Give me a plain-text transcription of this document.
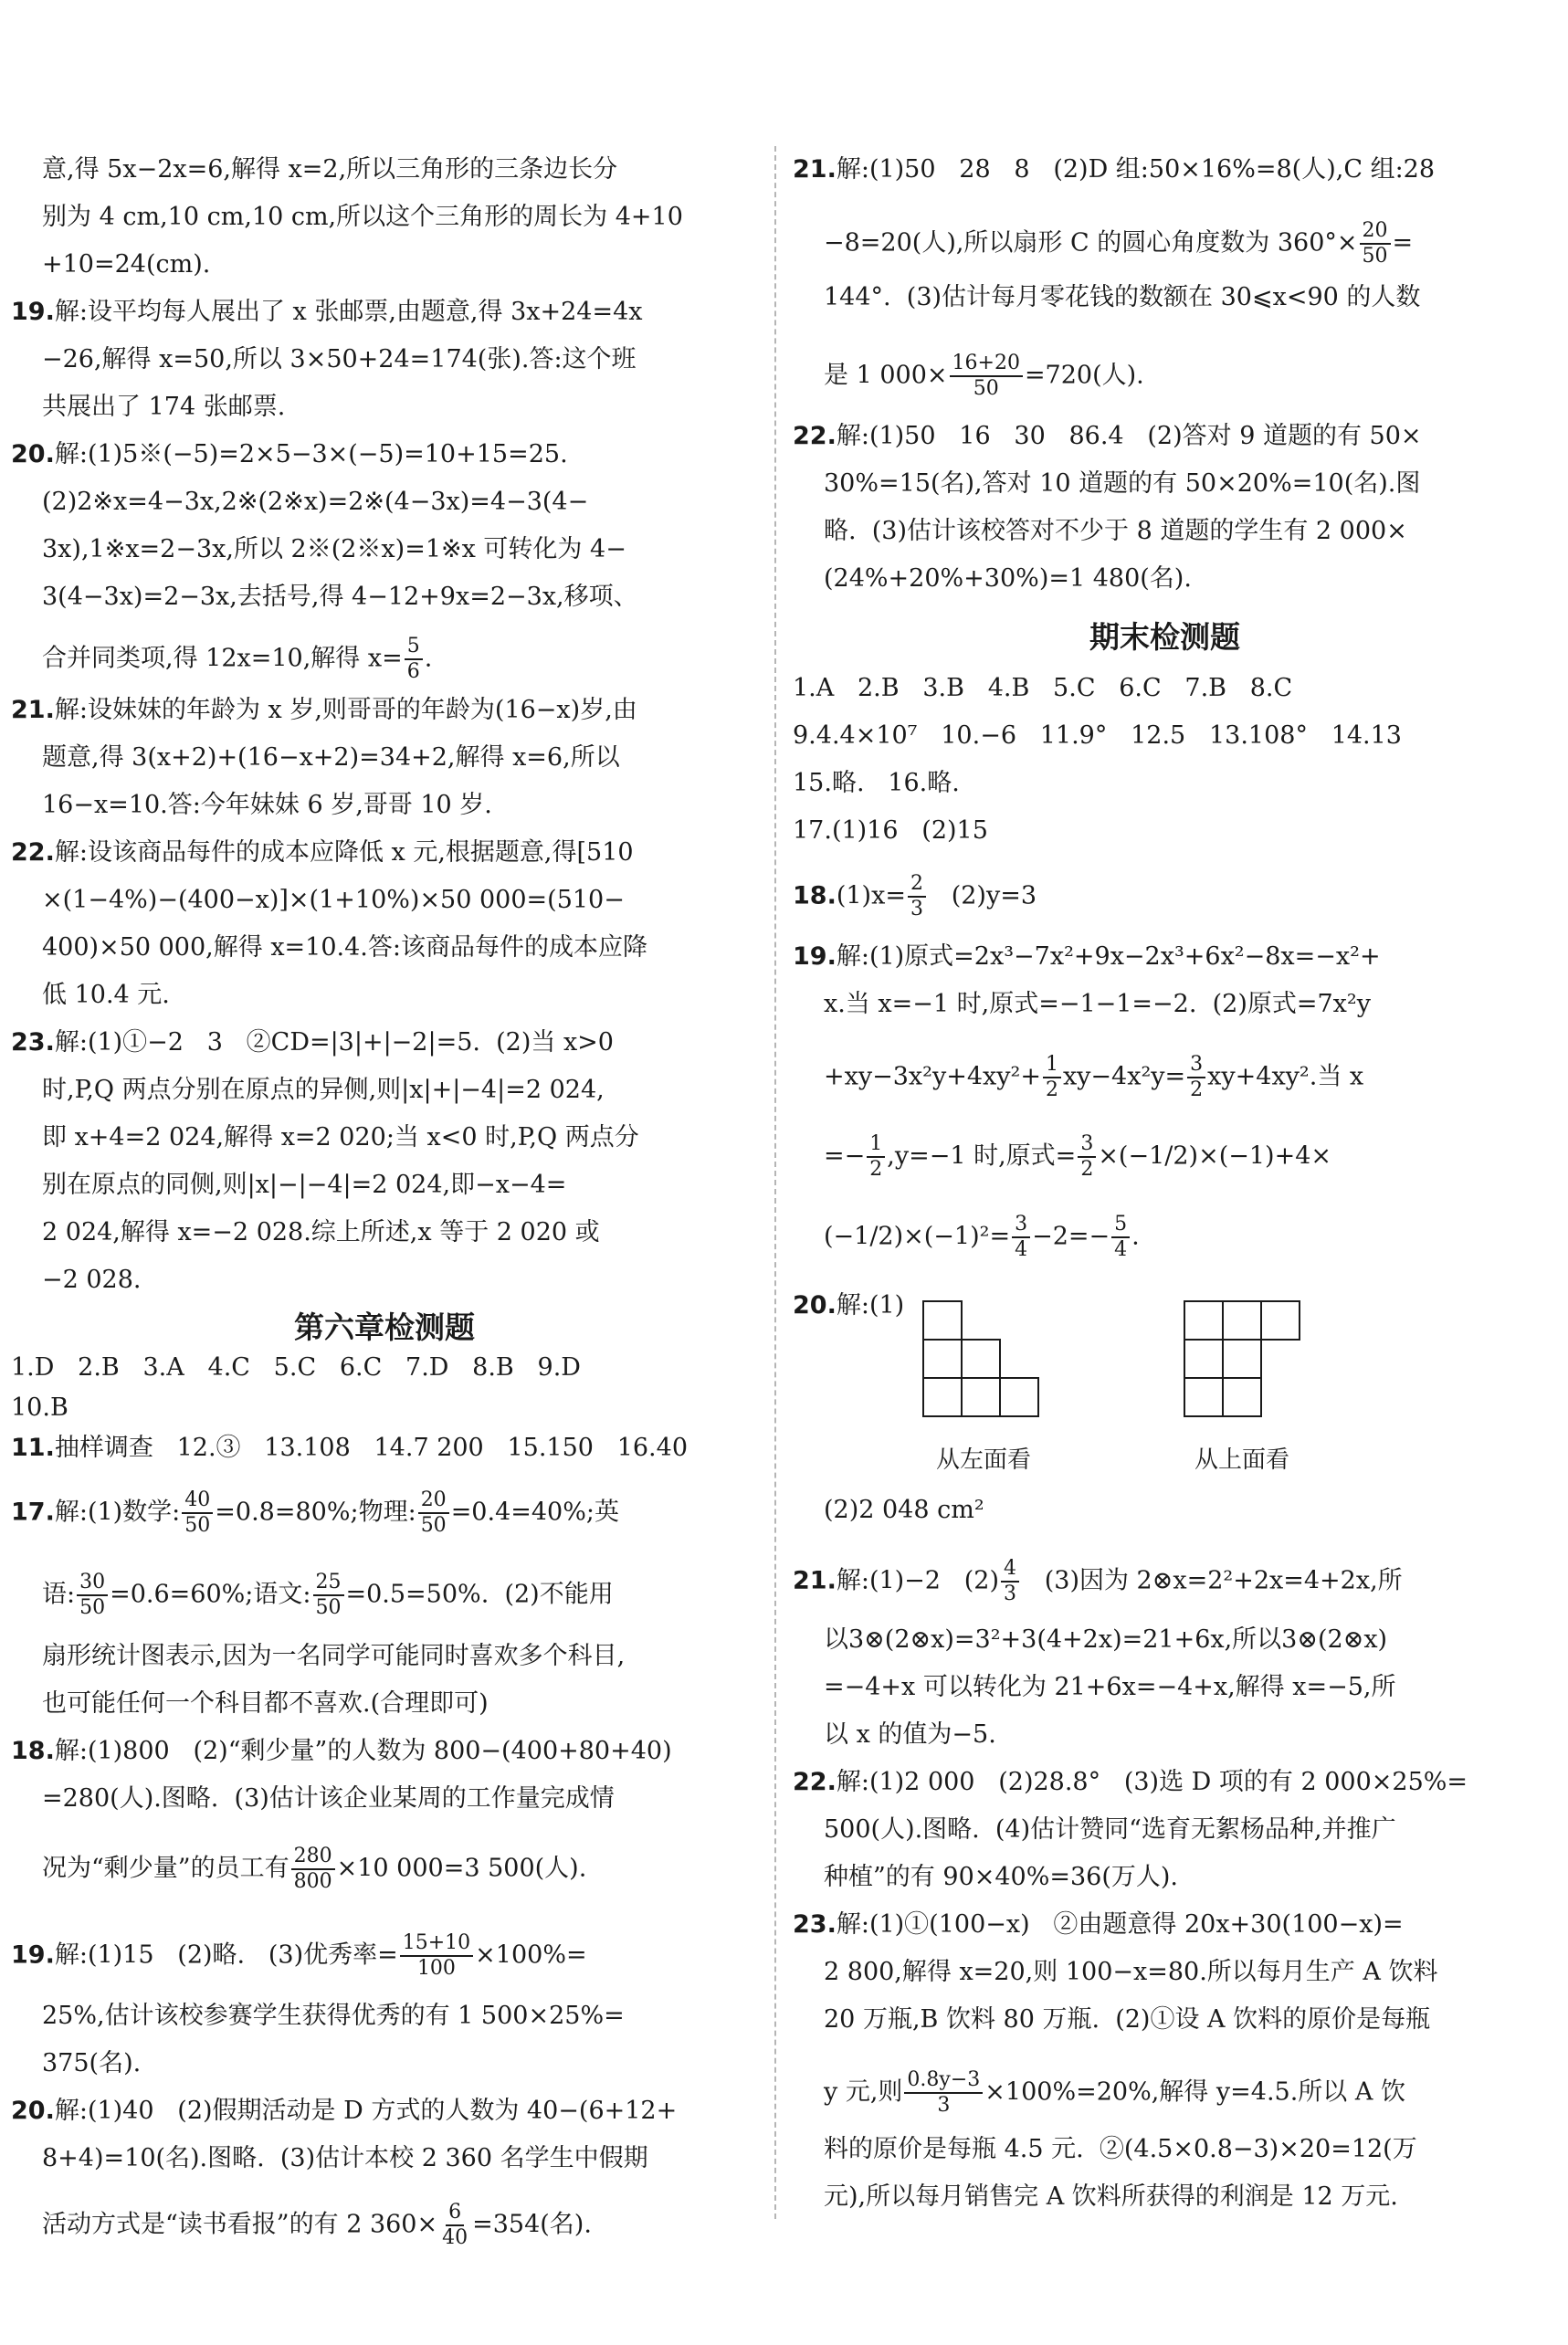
意,得 5x−2x=6,解得 x=2,所以三角形的三条边长分
别为 4 cm,10 cm,10 cm,所以这个三角形的周长为 4+10
+10=24(cm).
19.解:设平均每人展出了 x 张邮票,由题意,得 3x+24=4x
−26,解得 x=50,所以 3×50+24=174(张).答:这个班
共展出了 174 张邮票.
20.解:(1)5※(−5)=2×5−3×(−5)=10+15=25.
(2)2※x=4−3x,2※(2※x)=2※(4−3x)=4−3(4−
3x),1※x=2−3x,所以 2※(2※x)=1※x 可转化为 4−
3(4−3x)=2−3x,去括号,得 4−12+9x=2−3x,移项、
合并同类项,得 12x=10,解得 $x= \frac{5}{6}$ .
21.解:设妹妹的年龄为 x 岁,则哥哥的年龄为(16−x)岁,由
题意,得 3(x+2)+(16−x+2)=34+2,解得 x=6,所以
16−x=10.答:今年妹妹 6 岁,哥哥 10 岁.
22.解:设该商品每件的成本应降低 x 元,根据题意,得[510
×(1−4%)−(400−x)]×(1+10%)×50 000=(510−
400)×50 000,解得 x=10.4.答:该商品每件的成本应降
低 10.4 元.
23.解:(1)①−2   3   ②CD=|3|+|−2|=5.  (2)当 x>0
时,P,Q 两点分别在原点的异侧,则|x|+|−4|=2 024,
即 x+4=2 024,解得 x=2 020;当 x<0 时,P,Q 两点分
别在原点的同侧,则|x|−|−4|=2 024,即−x−4=
2 024,解得 x=−2 028.综上所述,x 等于 2 020 或
−2 028.
11.抽样调查   12.③   13.108   14.7 200   15.150   16.40
17.解:(1)数学: $\frac{40}{50} =0.8=80\%$;物理: $\frac{20}{50} =0.4=40\%$;英
语: $\frac{30}{50} =0.6=60\%$;语文: $\frac{25}{50} =0.5=50\%$.  (2)不能用
扇形统计图表示,因为一名同学可能同时喜欢多个科目,
也可能任何一个科目都不喜欢.(合理即可)
18.解:(1)800   (2)“剩少量”的人数为 800−(400+80+40)
=280(人).图略.  (3)估计该企业某周的工作量完成情
况为“剩少量”的员工有 $\frac{280}{800} \times 10$ 000=3 500(人).
19.解:(1)15   (2)略.   (3)优秀率= $\frac{15+10}{100} \times 100\%=$
25%,估计该校参赛学生获得优秀的有 1 500×25%=
375(名).
20.解:(1)40   (2)假期活动是 D 方式的人数为 40−(6+12+
8+4)=10(名).图略.  (3)估计本校 2 360 名学生中假期
活动方式是“读书看报”的有 2 $360\times \frac{6}{40} =354$(名).
第六章检测题
1.D   2.B   3.A   4.C   5.C   6.C   7.D   8.B   9.D
10.B
21.解:(1)50   28   8   (2)D 组:50×16%=8(人),C 组:28
−8=20(人),所以扇形 C 的圆心角度数为 $360^\circ\times \frac{20}{50}$ =
144°.  (3)估计每月零花钱的数额在 30⩽x<90 的人数
是 1 $000\times \frac{16+20}{50} =720$(人).
22.解:(1)50   16   30   86.4   (2)答对 9 道题的有 50×
30%=15(名),答对 10 道题的有 50×20%=10(名).图
略.  (3)估计该校答对不少于 8 道题的学生有 2 000×
(24%+20%+30%)=1 480(名).
1.A   2.B   3.B   4.B   5.C   6.C   7.B   8.C
9.4.4×10⁷   10.−6   11.9°   12.5   13.108°   14.13
15.略.   16.略.
17.(1)16   (2)15
$18.(1)x= \frac{2}{3} (2)y=3$
19.解:(1)原式=2x³−7x²+9x−2x³+6x²−8x=−x²+
x.当 x=−1 时,原式=−1−1=−2.  (2)原式=7x²y
$+xy-3x^2y+4xy^2+ \frac{1}{2} xy-4x^2y= \frac{3}{2} xy+4xy^2$.当 x
=− $\frac{1}{2} ,y=-1$ 时,原式= $\frac{3}{2} \times(-1/2)\times(-1)+4\times$
$(-1/2)\times(-1)^2= \frac{3}{4} -2=- \frac{5}{4}$ .
20.解:(1)
(2)2 048 cm²
21.解:(1)−2   $(2) \frac{4}{3} (3)$因为 2⊗x=2²+2x=4+2x,所
以3⊗(2⊗x)=3²+3(4+2x)=21+6x,所以3⊗(2⊗x)
=−4+x 可以转化为 21+6x=−4+x,解得 x=−5,所
以 x 的值为−5.
22.解:(1)2 000   (2)28.8°   (3)选 D 项的有 2 000×25%=
500(人).图略.  (4)估计赞同“选育无絮杨品种,并推广
种植”的有 90×40%=36(万人).
23.解:(1)①(100−x)   ②由题意得 20x+30(100−x)=
2 800,解得 x=20,则 100−x=80.所以每月生产 A 饮料
20 万瓶,B 饮料 80 万瓶.  (2)①设 A 饮料的原价是每瓶
y 元,则 $\frac{0.8y-3}{3} \times 100\%=20\%$,解得 y=4.5.所以 A 饮
料的原价是每瓶 4.5 元.  ②(4.5×0.8−3)×20=12(万
元),所以每月销售完 A 饮料所获得的利润是 12 万元.
期末检测题
从左面看	从上面看
